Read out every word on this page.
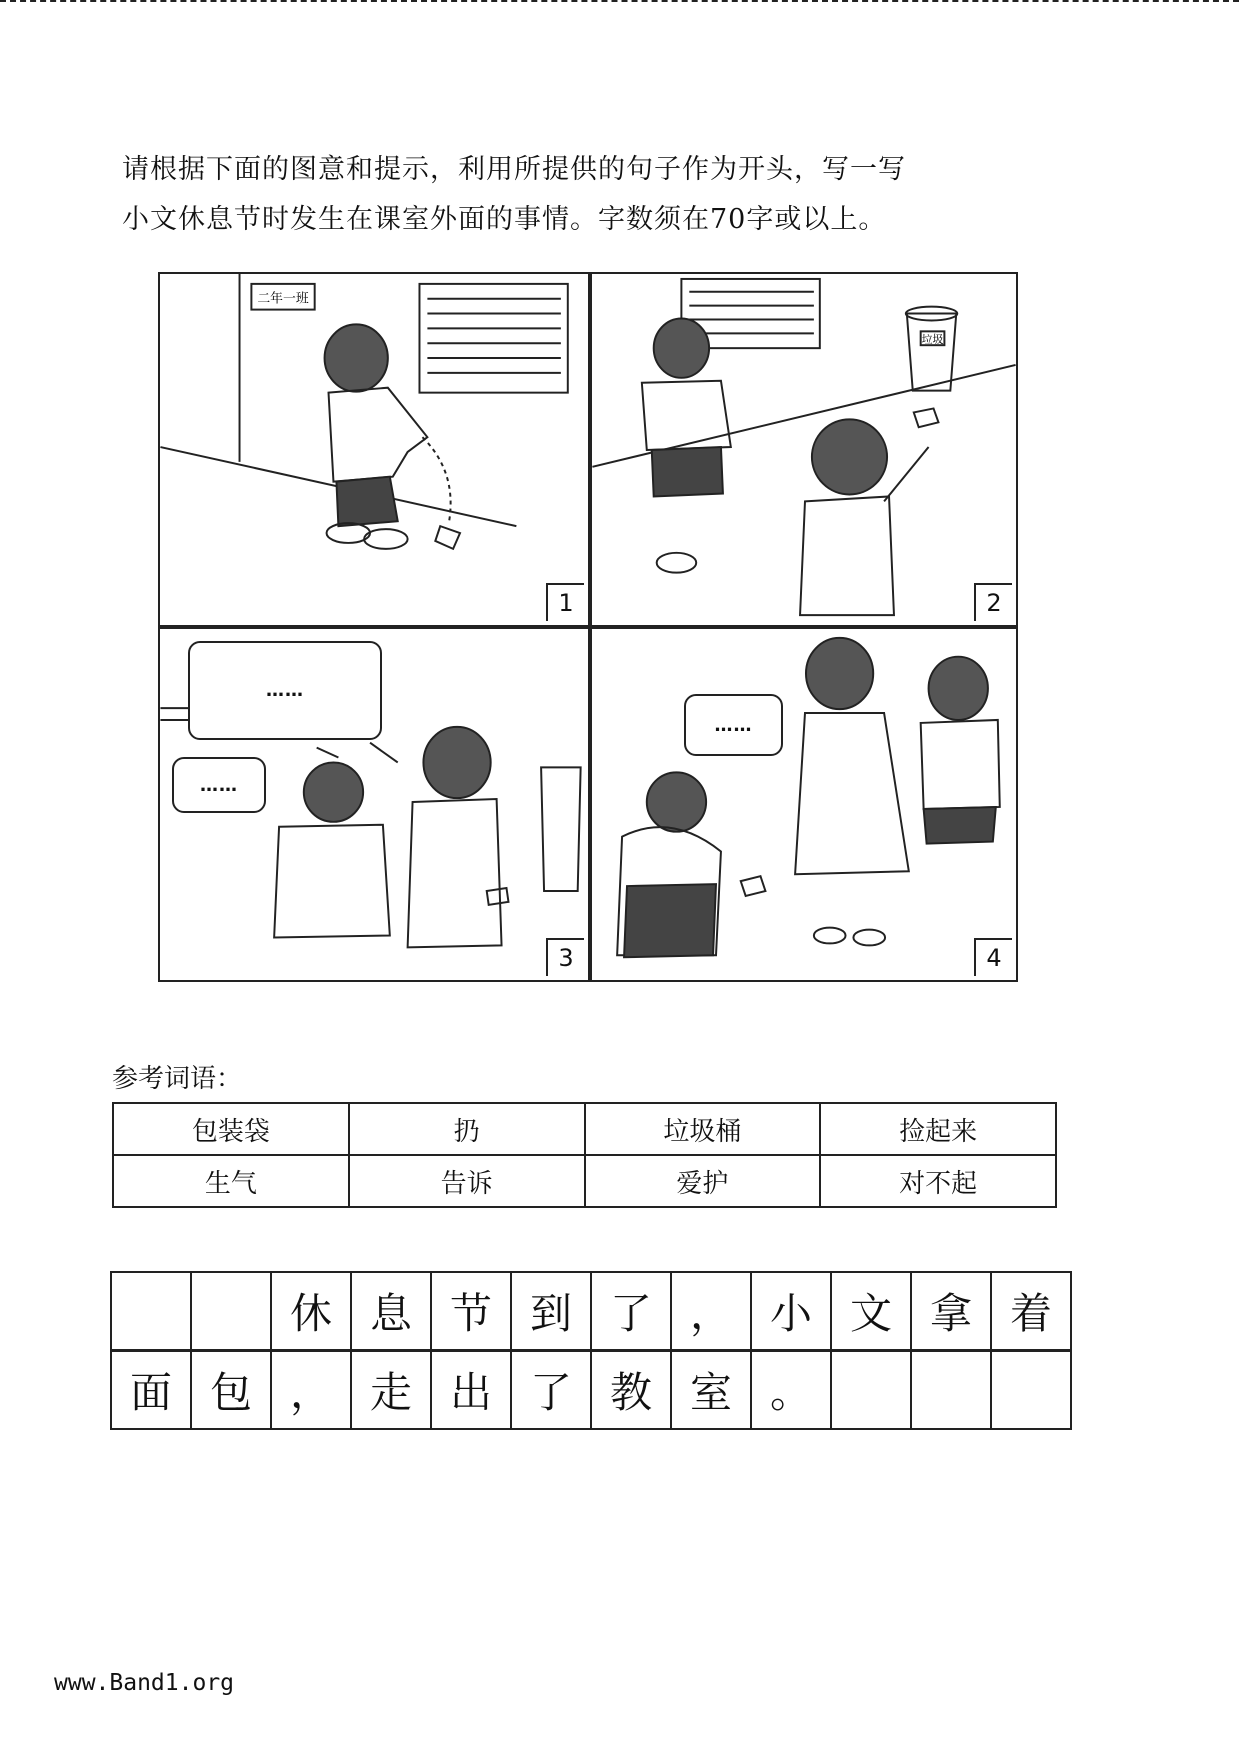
请根据下面的图意和提示，利用所提供的句子作为开头，写一写
小文休息节时发生在课室外面的事情。字数须在70字或以上。
二年一班
1
垃圾
2
……
……
3
……
4
参考词语：
包装袋	扔	垃圾桶	捡起来
生气	告诉	爱护	对不起
休 息 节 到 了 ， 小 文 拿 着
面 包 ， 走 出 了 教 室 。
www.Band1.org
